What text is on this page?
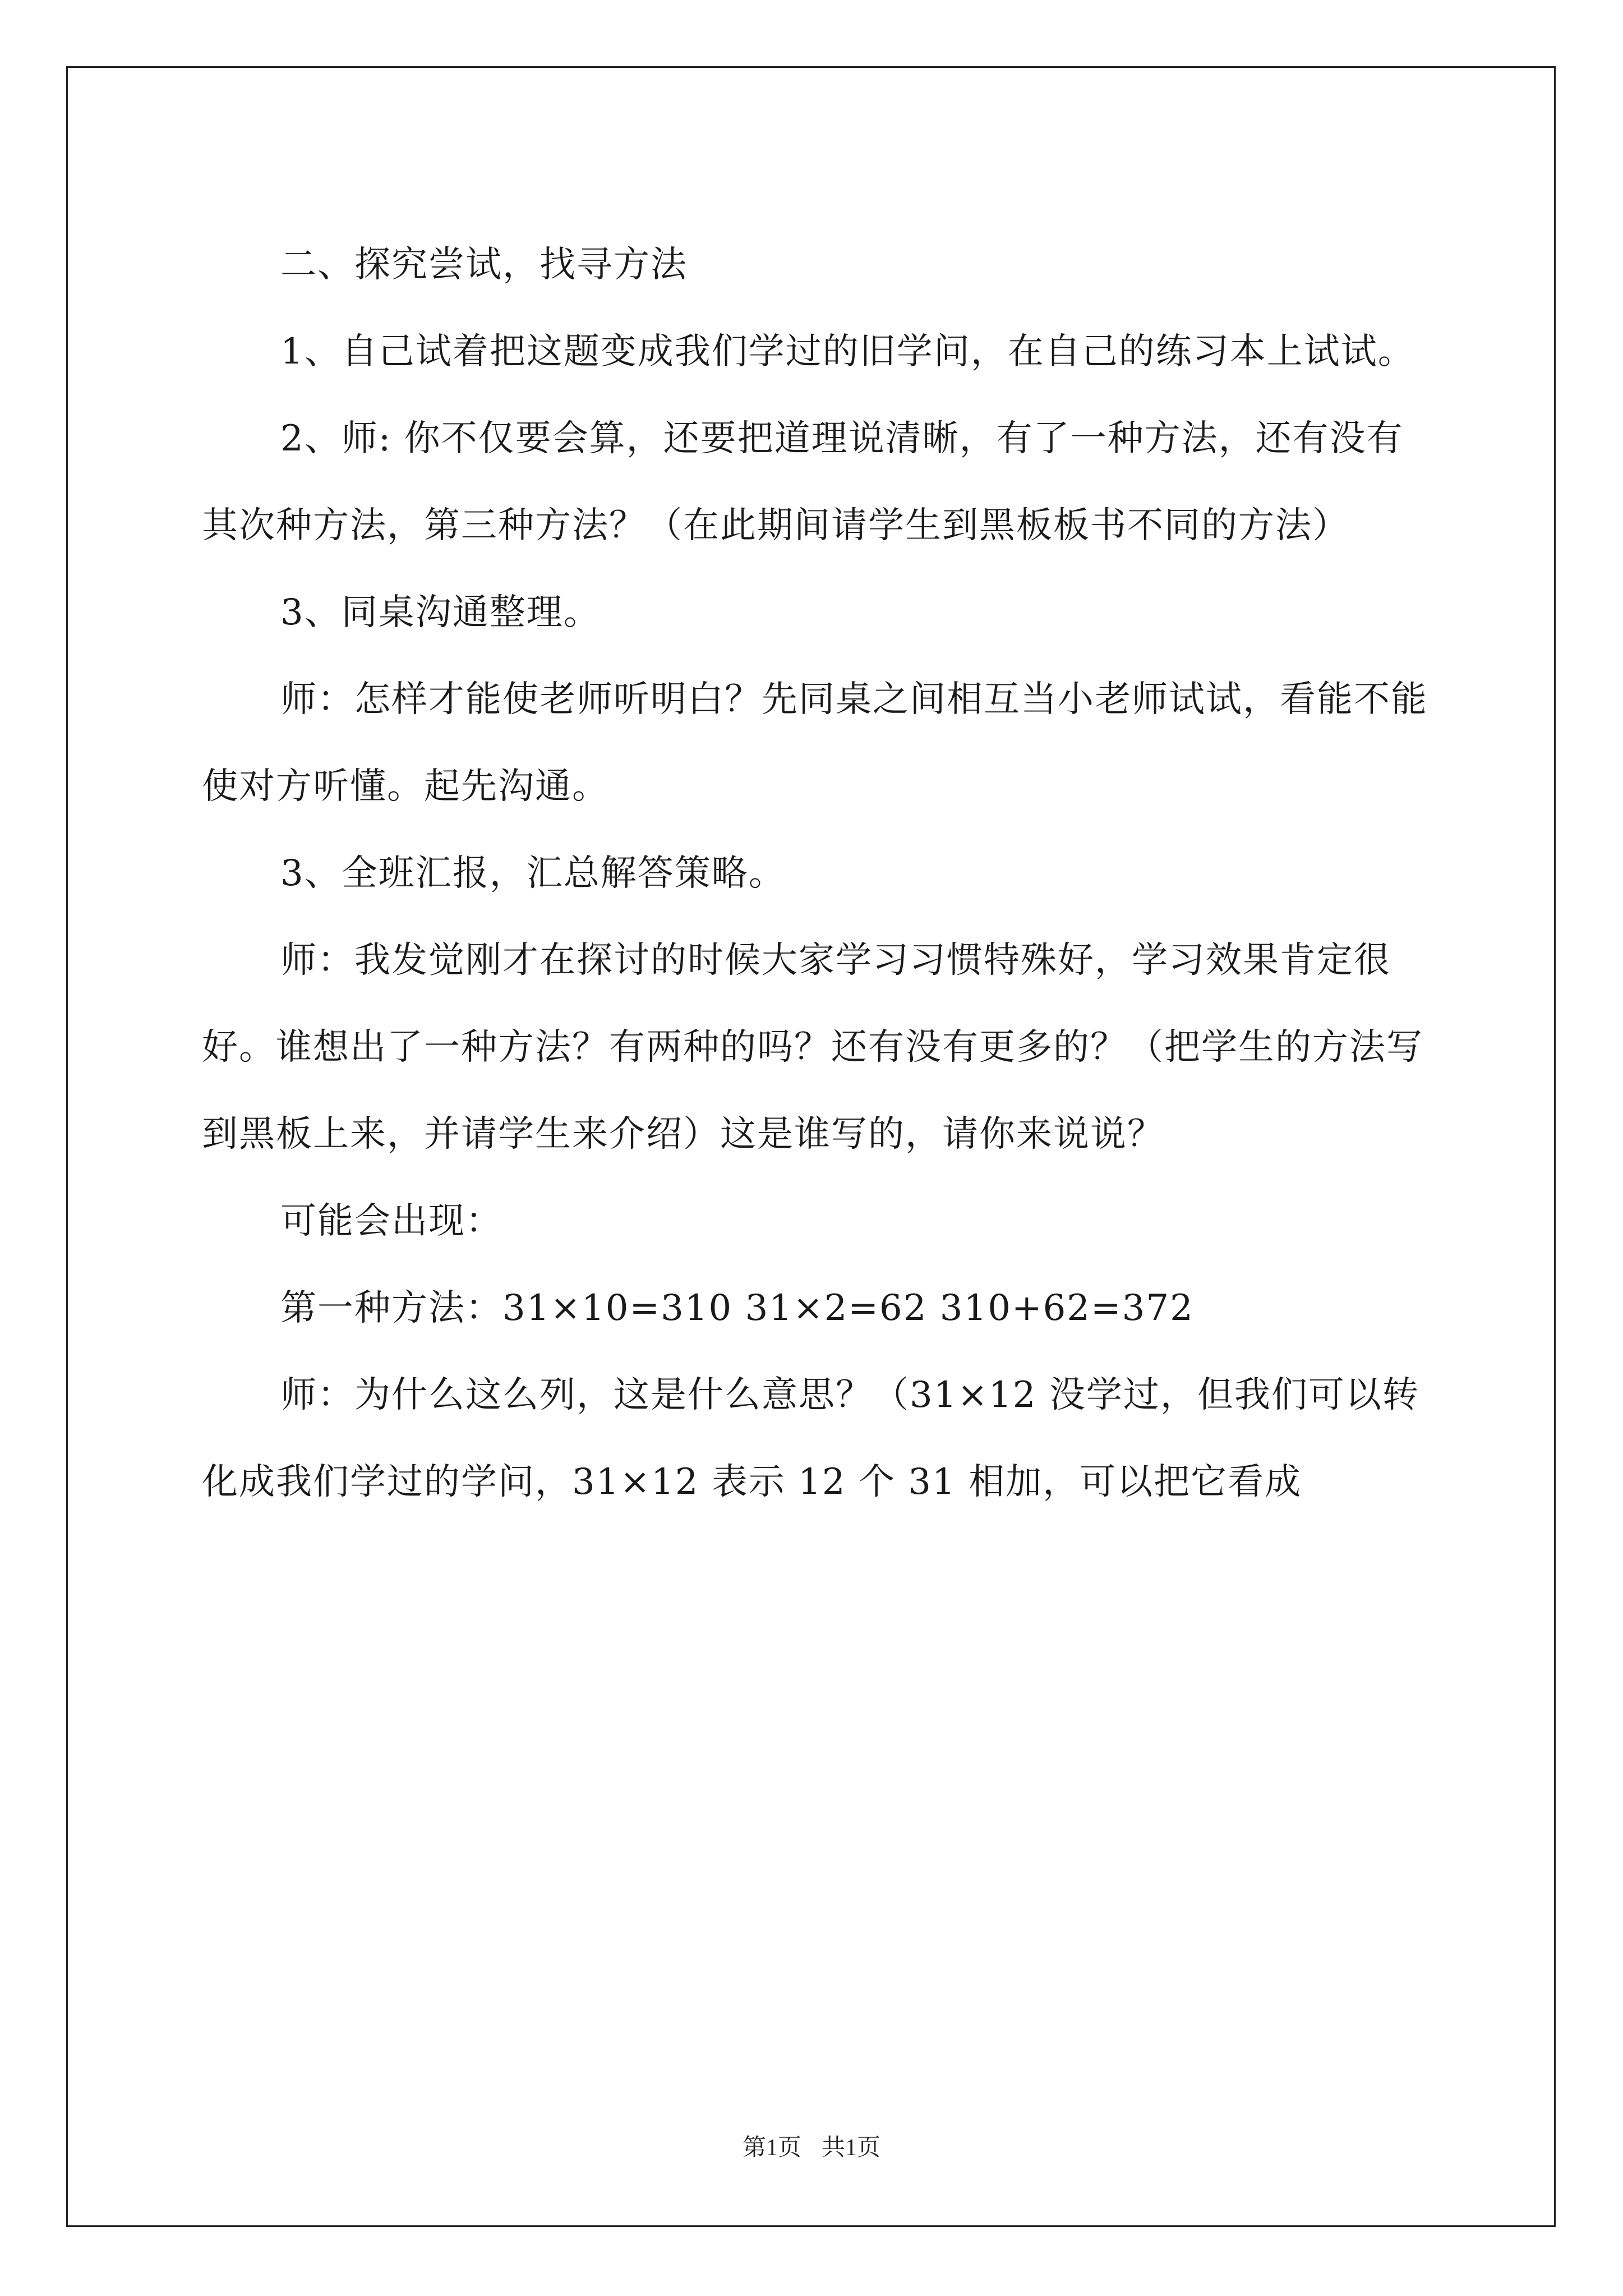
二、探究尝试，找寻方法

1、自己试着把这题变成我们学过的旧学问，在自己的练习本上试试。

2、师: 你不仅要会算，还要把道理说清晰，有了一种方法，还有没有其次种方法，第三种方法？（在此期间请学生到黑板板书不同的方法）

3、同桌沟通整理。

师：怎样才能使老师听明白？先同桌之间相互当小老师试试，看能不能使对方听懂。起先沟通。

3、全班汇报，汇总解答策略。

师：我发觉刚才在探讨的时候大家学习习惯特殊好，学习效果肯定很好。谁想出了一种方法？有两种的吗？还有没有更多的？（把学生的方法写到黑板上来，并请学生来介绍）这是谁写的，请你来说说？

可能会出现：

第一种方法：31×10=310 31×2=62 310+62=372

师：为什么这么列，这是什么意思？（31×12 没学过，但我们可以转化成我们学过的学问，31×12 表示 12 个 31 相加，可以把它看成

第1页 共1页
